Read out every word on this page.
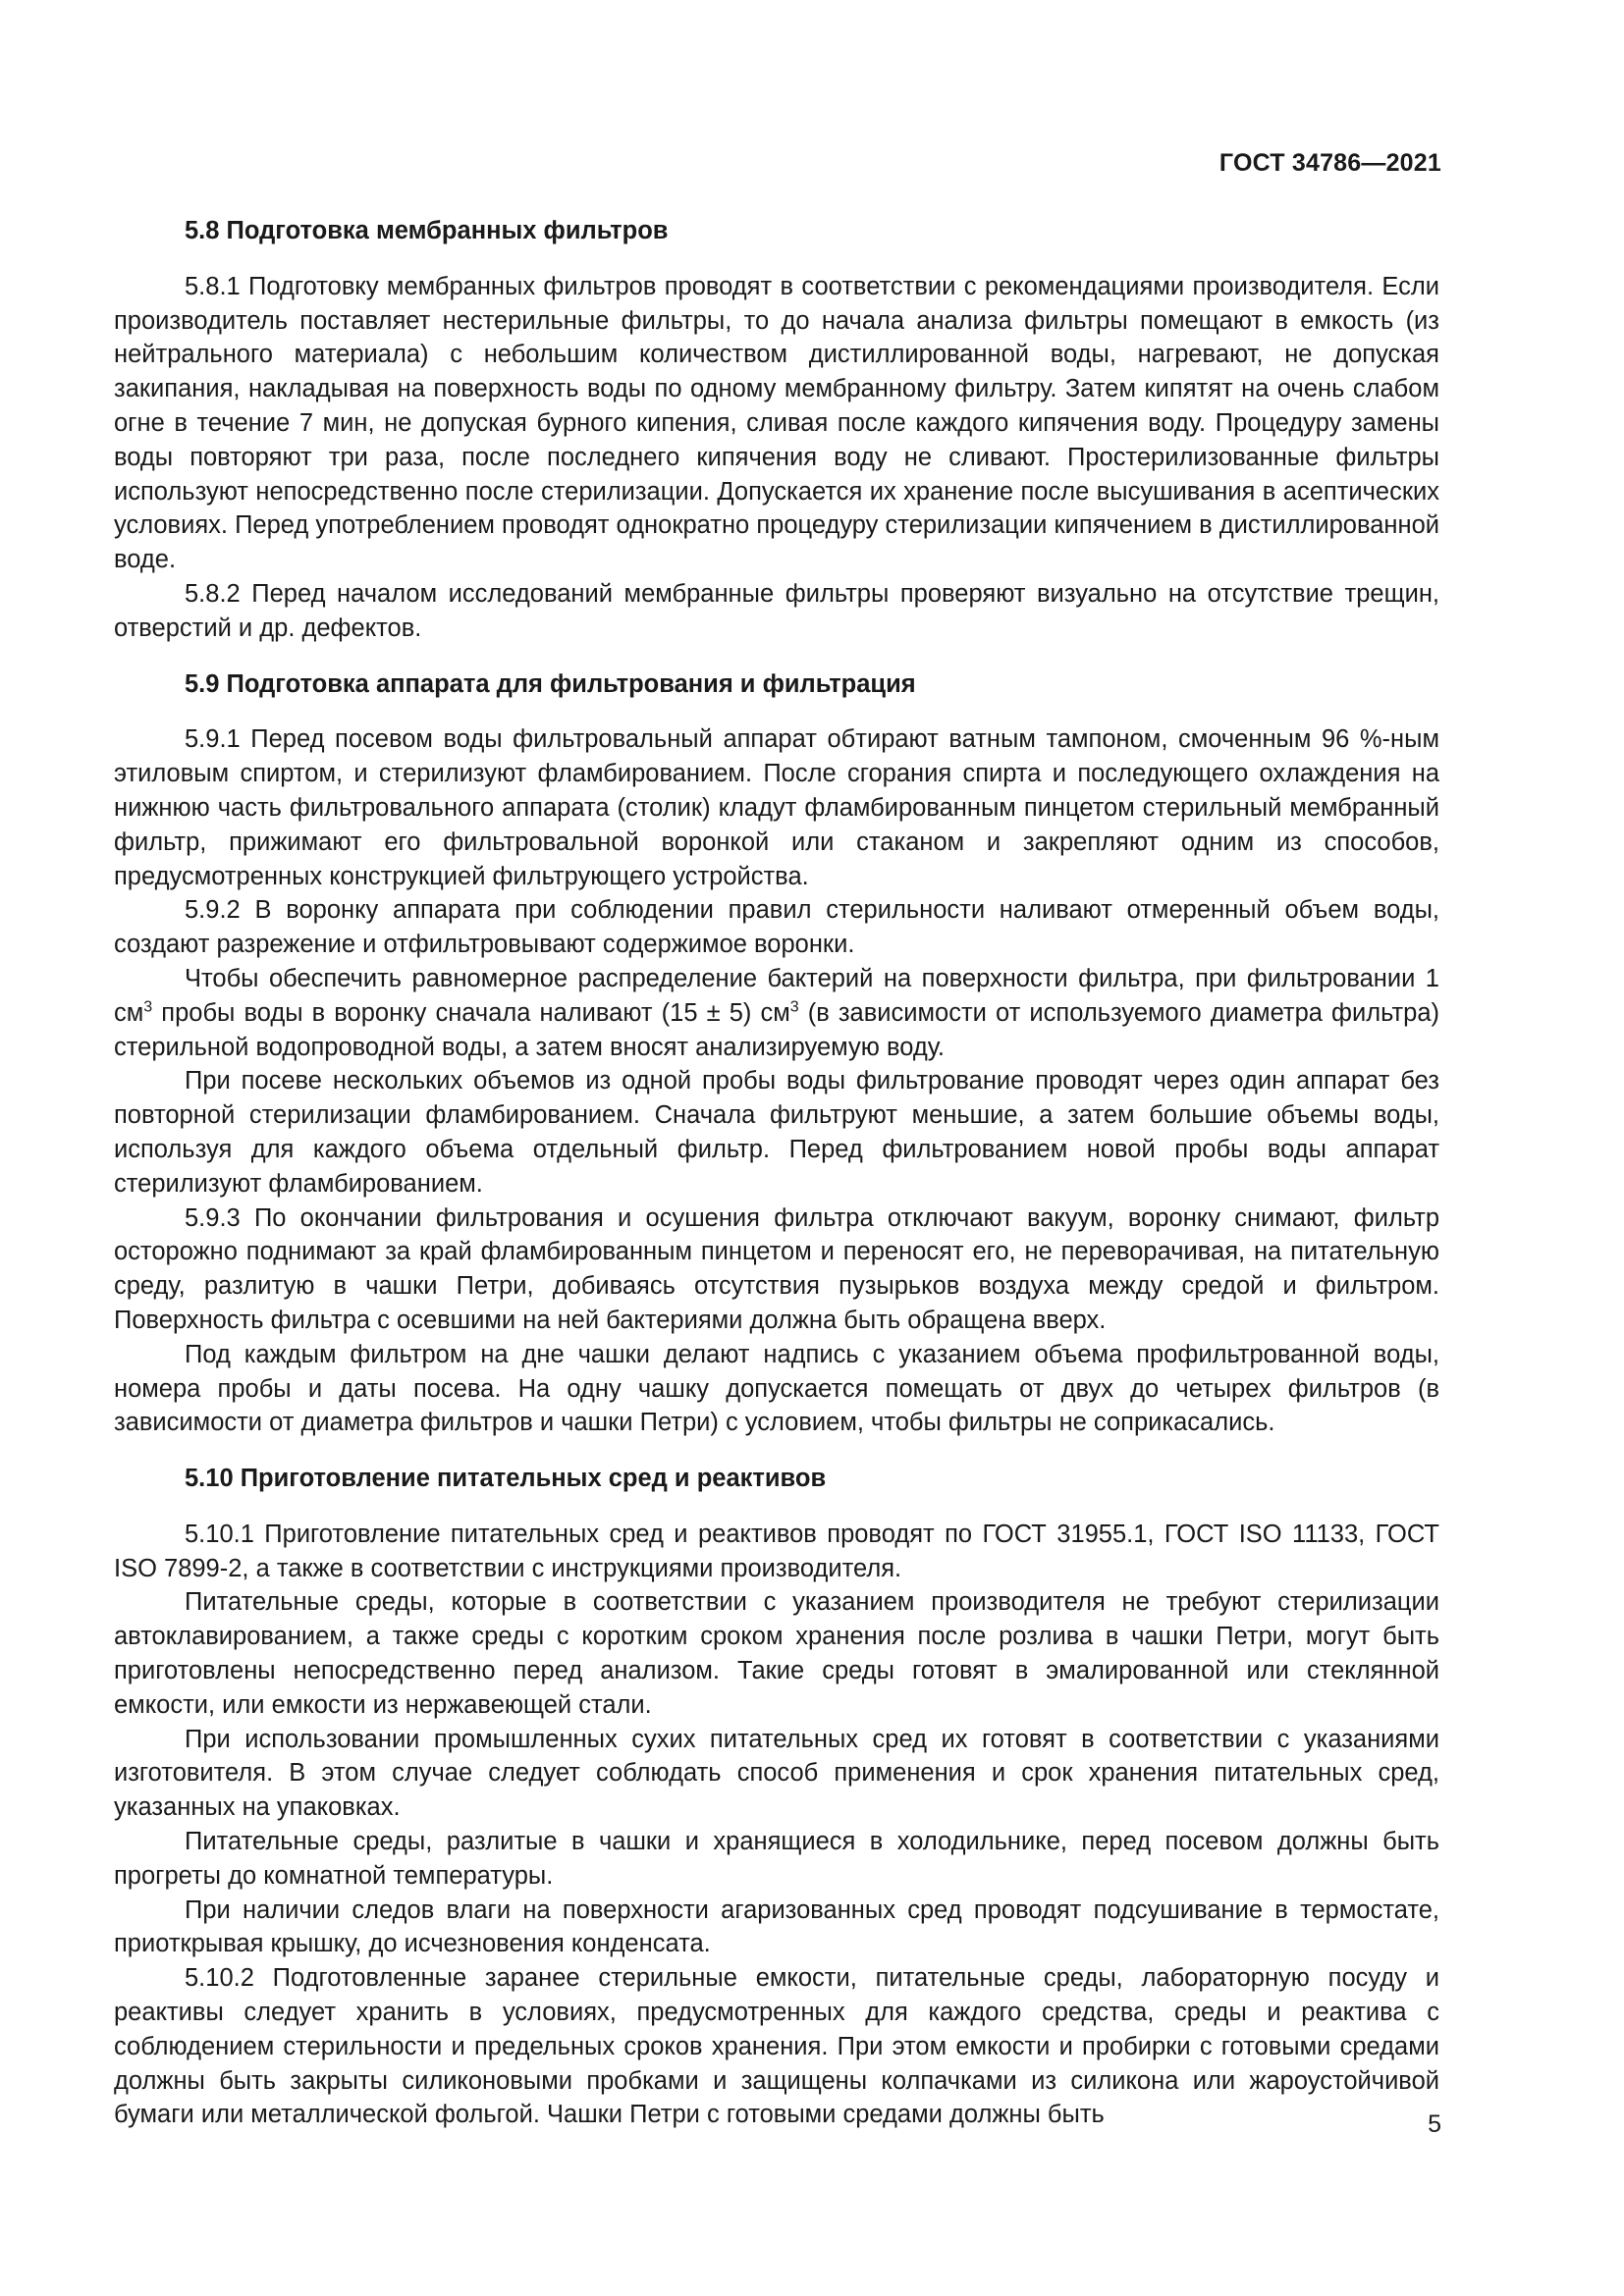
ГОСТ 34786—2021
5.8 Подготовка мембранных фильтров

5.8.1 Подготовку мембранных фильтров проводят в соответствии с рекомендациями производителя. Если производитель поставляет нестерильные фильтры, то до начала анализа фильтры помещают в емкость (из нейтрального материала) с небольшим количеством дистиллированной воды, нагревают, не допуская закипания, накладывая на поверхность воды по одному мембранному фильтру. Затем кипятят на очень слабом огне в течение 7 мин, не допуская бурного кипения, сливая после каждого кипячения воду. Процедуру замены воды повторяют три раза, после последнего кипячения воду не сливают. Простерилизованные фильтры используют непосредственно после стерилизации. Допускается их хранение после высушивания в асептических условиях. Перед употреблением проводят однократно процедуру стерилизации кипячением в дистиллированной воде.

5.8.2 Перед началом исследований мембранные фильтры проверяют визуально на отсутствие трещин, отверстий и др. дефектов.

5.9 Подготовка аппарата для фильтрования и фильтрация

5.9.1 Перед посевом воды фильтровальный аппарат обтирают ватным тампоном, смоченным 96 %-ным этиловым спиртом, и стерилизуют фламбированием. После сгорания спирта и последующего охлаждения на нижнюю часть фильтровального аппарата (столик) кладут фламбированным пинцетом стерильный мембранный фильтр, прижимают его фильтровальной воронкой или стаканом и закрепляют одним из способов, предусмотренных конструкцией фильтрующего устройства.

5.9.2 В воронку аппарата при соблюдении правил стерильности наливают отмеренный объем воды, создают разрежение и отфильтровывают содержимое воронки.

Чтобы обеспечить равномерное распределение бактерий на поверхности фильтра, при фильтровании 1 $см^3$ пробы воды в воронку сначала наливают (15 ± 5) $см^3$ (в зависимости от используемого диаметра фильтра) стерильной водопроводной воды, а затем вносят анализируемую воду.

При посеве нескольких объемов из одной пробы воды фильтрование проводят через один аппарат без повторной стерилизации фламбированием. Сначала фильтруют меньшие, а затем большие объемы воды, используя для каждого объема отдельный фильтр. Перед фильтрованием новой пробы воды аппарат стерилизуют фламбированием.

5.9.3 По окончании фильтрования и осушения фильтра отключают вакуум, воронку снимают, фильтр осторожно поднимают за край фламбированным пинцетом и переносят его, не переворачивая, на питательную среду, разлитую в чашки Петри, добиваясь отсутствия пузырьков воздуха между средой и фильтром. Поверхность фильтра с осевшими на ней бактериями должна быть обращена вверх.

Под каждым фильтром на дне чашки делают надпись с указанием объема профильтрованной воды, номера пробы и даты посева. На одну чашку допускается помещать от двух до четырех фильтров (в зависимости от диаметра фильтров и чашки Петри) с условием, чтобы фильтры не соприкасались.

5.10 Приготовление питательных сред и реактивов

5.10.1 Приготовление питательных сред и реактивов проводят по ГОСТ 31955.1, ГОСТ ISO 11133, ГОСТ ISO 7899-2, а также в соответствии с инструкциями производителя.

Питательные среды, которые в соответствии с указанием производителя не требуют стерилизации автоклавированием, а также среды с коротким сроком хранения после розлива в чашки Петри, могут быть приготовлены непосредственно перед анализом. Такие среды готовят в эмалированной или стеклянной емкости, или емкости из нержавеющей стали.

При использовании промышленных сухих питательных сред их готовят в соответствии с указаниями изготовителя. В этом случае следует соблюдать способ применения и срок хранения питательных сред, указанных на упаковках.

Питательные среды, разлитые в чашки и хранящиеся в холодильнике, перед посевом должны быть прогреты до комнатной температуры.

При наличии следов влаги на поверхности агаризованных сред проводят подсушивание в термостате, приоткрывая крышку, до исчезновения конденсата.

5.10.2 Подготовленные заранее стерильные емкости, питательные среды, лабораторную посуду и реактивы следует хранить в условиях, предусмотренных для каждого средства, среды и реактива с соблюдением стерильности и предельных сроков хранения. При этом емкости и пробирки с готовыми средами должны быть закрыты силиконовыми пробками и защищены колпачками из силикона или жароустойчивой бумаги или металлической фольгой. Чашки Петри с готовыми средами должны быть	5
